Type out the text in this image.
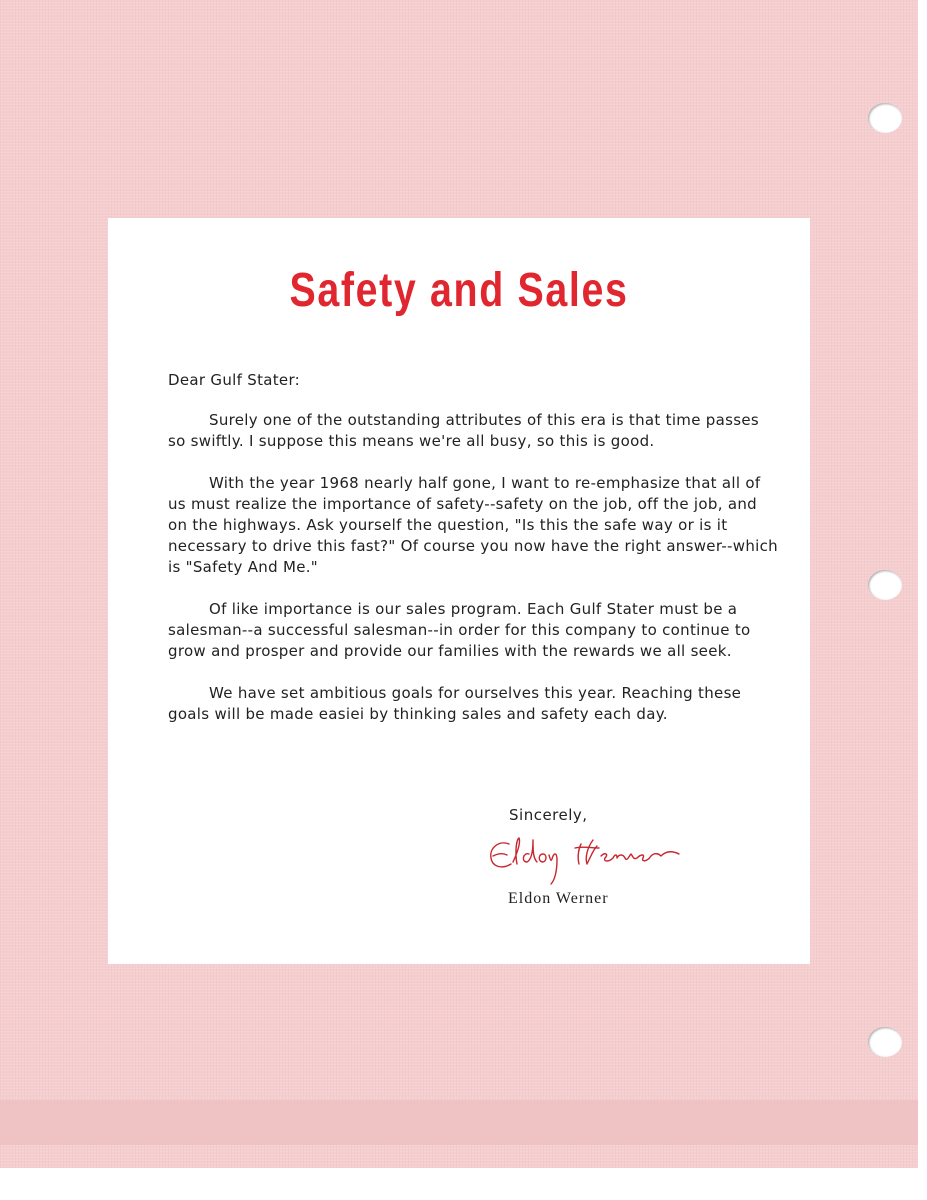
Safety and Sales

Dear Gulf Stater:

Surely one of the outstanding attributes of this era is that time passes so swiftly. I suppose this means we're all busy, so this is good.

With the year 1968 nearly half gone, I want to re-emphasize that all of us must realize the importance of safety--safety on the job, off the job, and on the highways. Ask yourself the question, "Is this the safe way or is it necessary to drive this fast?" Of course you now have the right answer--which is "Safety And Me."

Of like importance is our sales program. Each Gulf Stater must be a salesman--a successful salesman--in order for this company to continue to grow and prosper and provide our families with the rewards we all seek.

We have set ambitious goals for ourselves this year. Reaching these goals will be made easiei by thinking sales and safety each day.

Sincerely,
Eldon Werner
